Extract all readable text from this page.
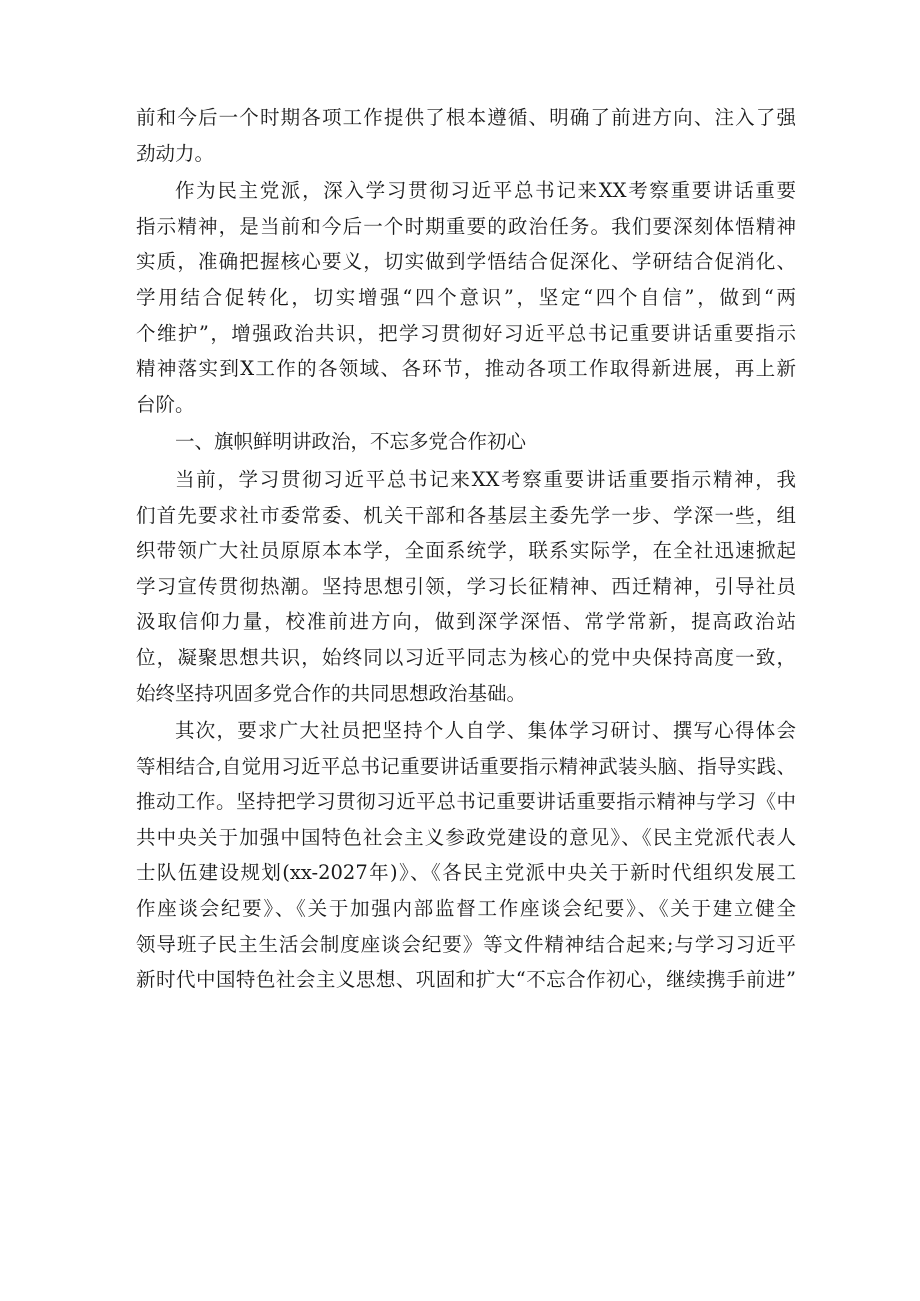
前和今后一个时期各项工作提供了根本遵循、明确了前进方向、注入了强
劲动力。
作为民主党派，深入学习贯彻习近平总书记来XX考察重要讲话重要
指示精神，是当前和今后一个时期重要的政治任务。我们要深刻体悟精神
实质，准确把握核心要义，切实做到学悟结合促深化、学研结合促消化、
学用结合促转化，切实增强“四个意识”，坚定“四个自信”，做到“两
个维护”，增强政治共识，把学习贯彻好习近平总书记重要讲话重要指示
精神落实到X工作的各领域、各环节，推动各项工作取得新进展，再上新
台阶。
一、旗帜鲜明讲政治，不忘多党合作初心
当前，学习贯彻习近平总书记来XX考察重要讲话重要指示精神，我
们首先要求社市委常委、机关干部和各基层主委先学一步、学深一些，组
织带领广大社员原原本本学，全面系统学，联系实际学，在全社迅速掀起
学习宣传贯彻热潮。坚持思想引领，学习长征精神、西迁精神，引导社员
汲取信仰力量，校准前进方向，做到深学深悟、常学常新，提高政治站
位，凝聚思想共识，始终同以习近平同志为核心的党中央保持高度一致，
始终坚持巩固多党合作的共同思想政治基础。
其次，要求广大社员把坚持个人自学、集体学习研讨、撰写心得体会
等相结合,自觉用习近平总书记重要讲话重要指示精神武装头脑、指导实践、
推动工作。坚持把学习贯彻习近平总书记重要讲话重要指示精神与学习《中
共中央关于加强中国特色社会主义参政党建设的意见》、《民主党派代表人
士队伍建设规划(xx-2027年)》、《各民主党派中央关于新时代组织发展工
作座谈会纪要》、《关于加强内部监督工作座谈会纪要》、《关于建立健全
领导班子民主生活会制度座谈会纪要》等文件精神结合起来;与学习习近平
新时代中国特色社会主义思想、巩固和扩大“不忘合作初心，继续携手前进”
